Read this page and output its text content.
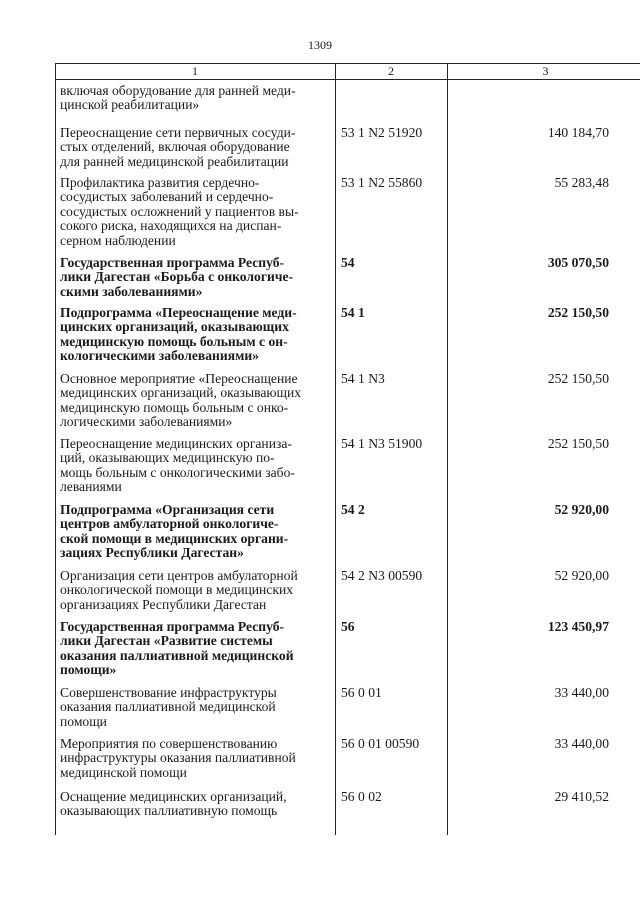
1309
1	2	3
включая оборудование для ранней меди-
цинской реабилитации»
Переоснащение сети первичных сосуди-
стых отделений, включая оборудование
для ранней медицинской реабилитации
53 1 N2 51920	140 184,70
Профилактика развития сердечно-
сосудистых заболеваний и сердечно-
сосудистых осложнений у пациентов вы-
сокого риска, находящихся на диспан-
серном наблюдении
53 1 N2 55860	55 283,48
Государственная программа Респуб-
лики Дагестан «Борьба с онкологиче-
скими заболеваниями»
54	305 070,50
Подпрограмма «Переоснащение меди-
цинских организаций, оказывающих
медицинскую помощь больным с он-
кологическими заболеваниями»
54 1	252 150,50
Основное мероприятие «Переоснащение
медицинских организаций, оказывающих
медицинскую помощь больным с онко-
логическими заболеваниями»
54 1 N3	252 150,50
Переоснащение медицинских организа-
ций, оказывающих медицинскую по-
мощь больным с онкологическими забо-
леваниями
54 1 N3 51900	252 150,50
Подпрограмма «Организация сети
центров амбулаторной онкологиче-
ской помощи в медицинских органи-
зациях Республики Дагестан»
54 2	52 920,00
Организация сети центров амбулаторной
онкологической помощи в медицинских
организациях Республики Дагестан
54 2 N3 00590	52 920,00
Государственная программа Респуб-
лики Дагестан «Развитие системы
оказания паллиативной медицинской
помощи»
56	123 450,97
Совершенствование инфраструктуры
оказания паллиативной медицинской
помощи
56 0 01	33 440,00
Мероприятия по совершенствованию
инфраструктуры оказания паллиативной
медицинской помощи
56 0 01 00590	33 440,00
Оснащение медицинских организаций,
оказывающих паллиативную помощь
56 0 02	29 410,52
